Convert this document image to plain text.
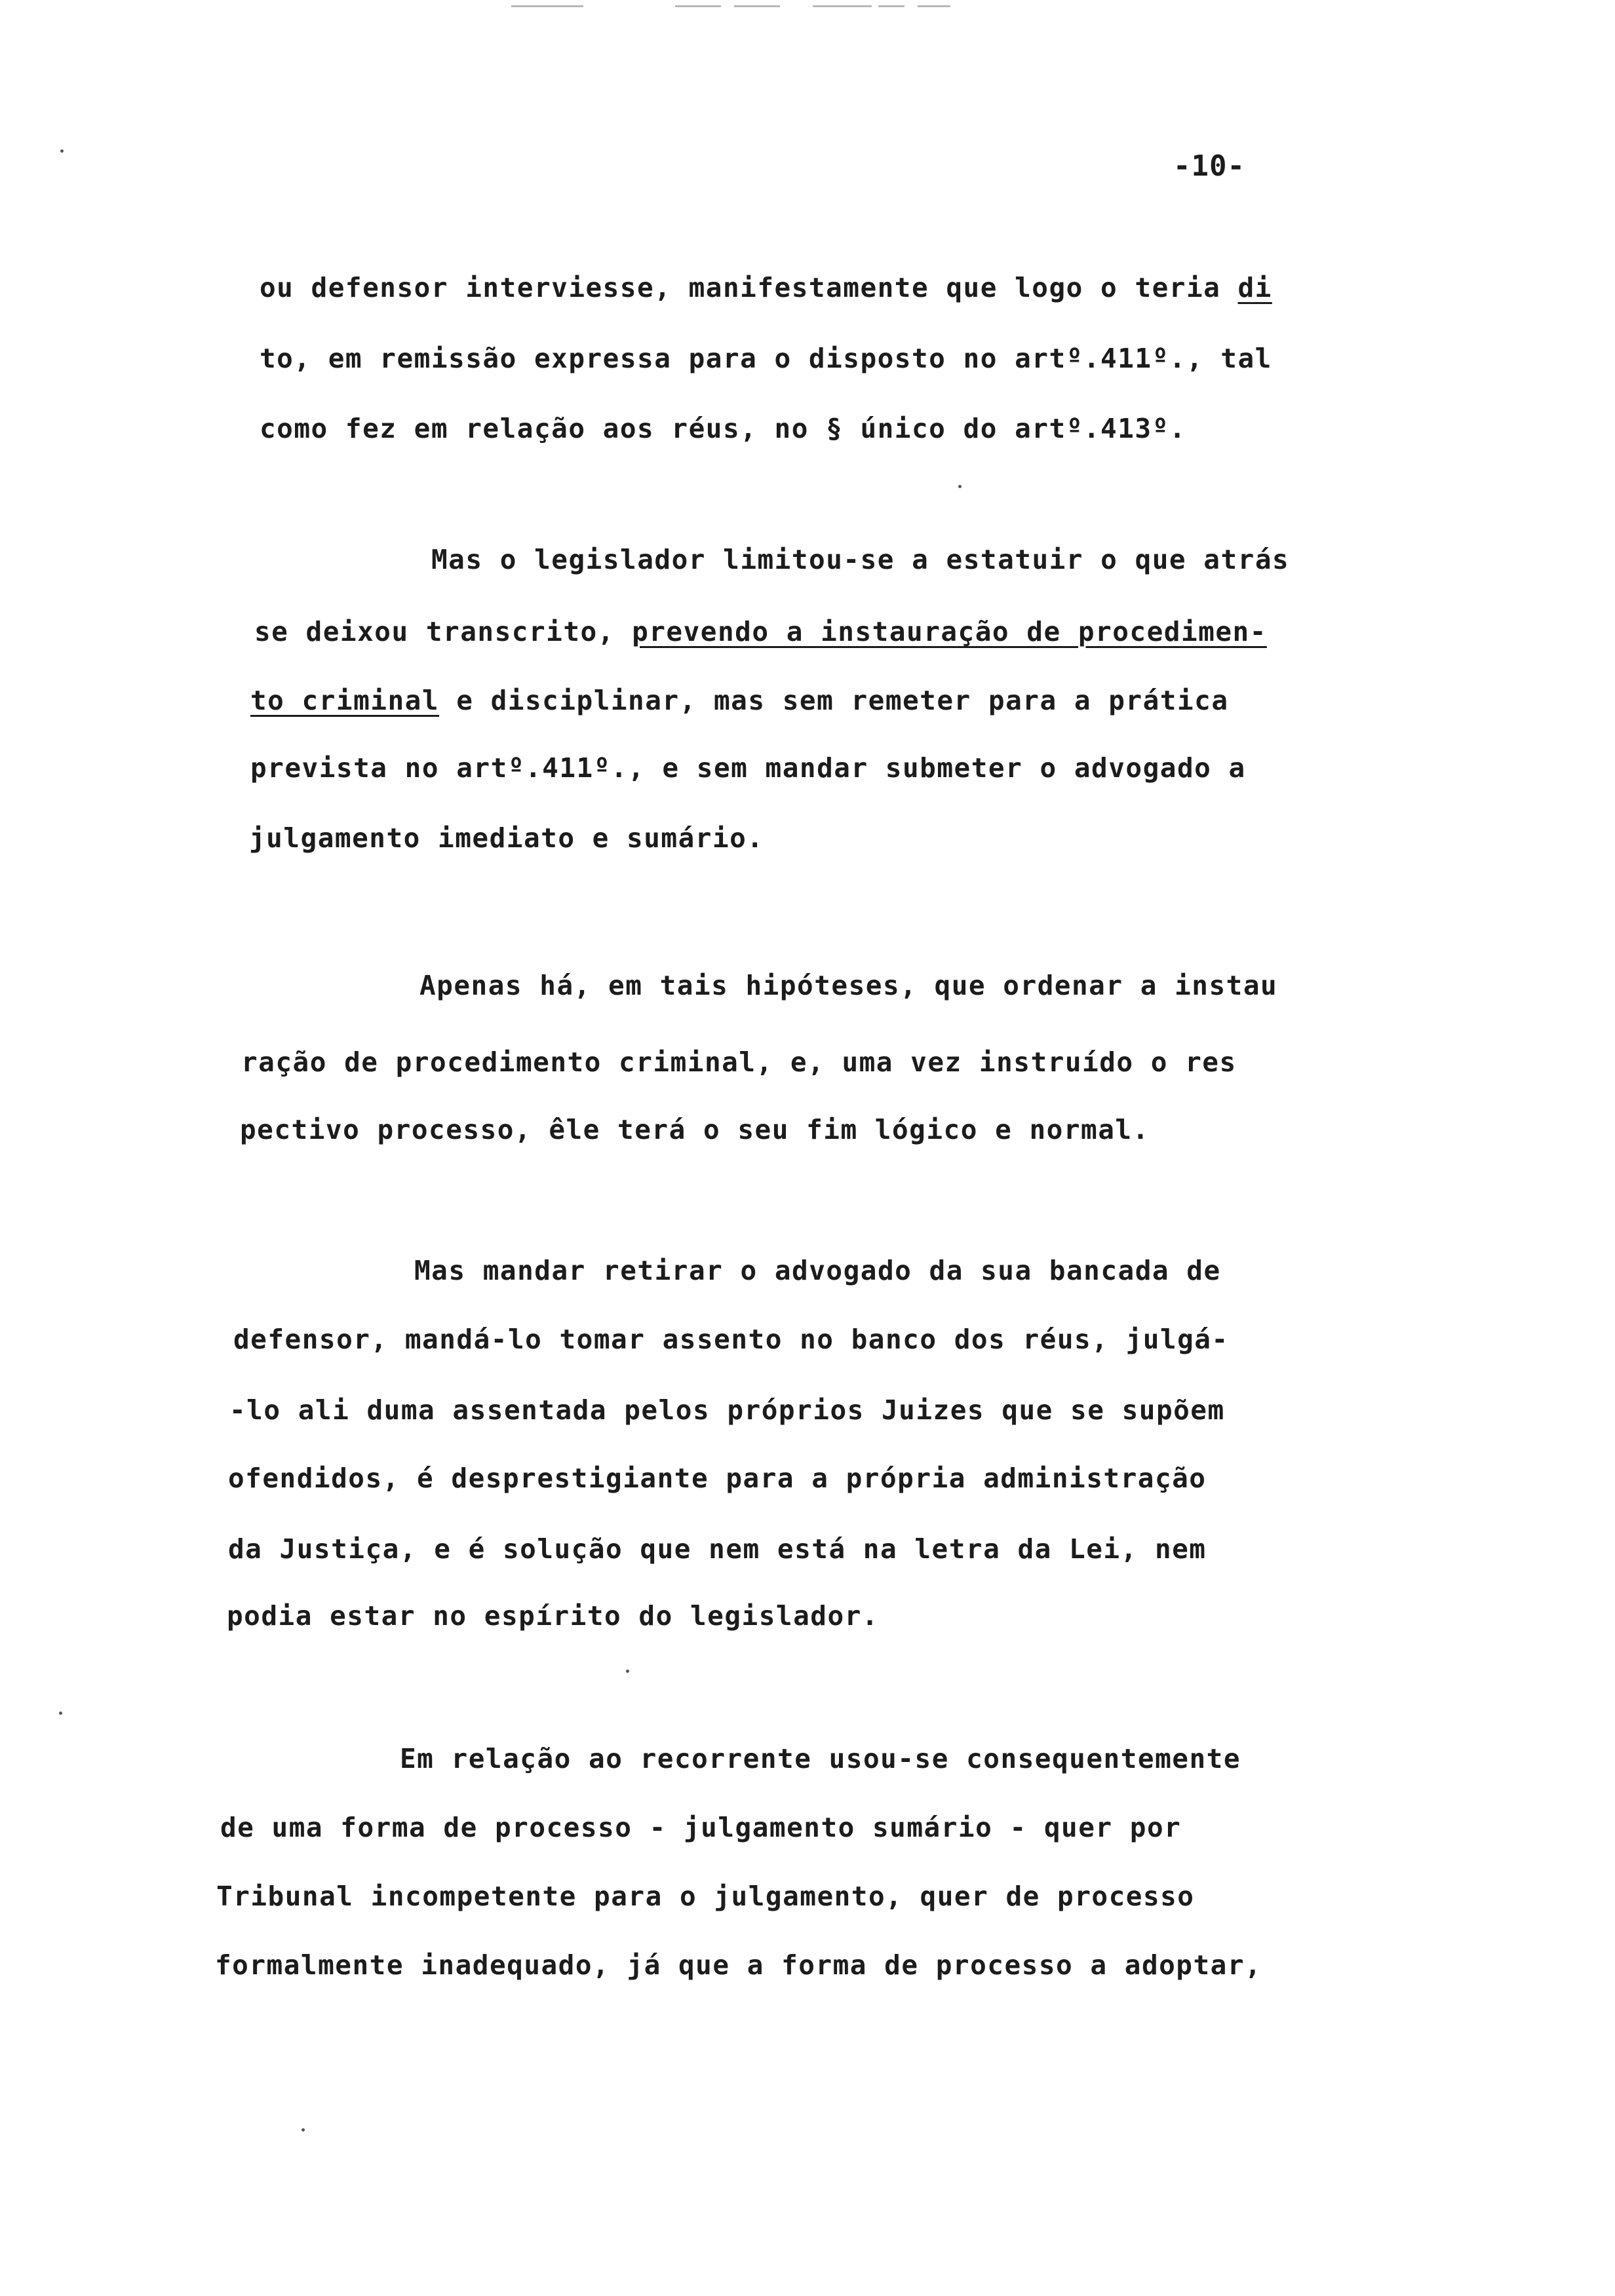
-10-
ou defensor interviesse, manifestamente que logo o teria di
to, em remissão expressa para o disposto no artº.411º., tal
como fez em relação aos réus, no § único do artº.413º.
Mas o legislador limitou-se a estatuir o que atrás
se deixou transcrito, prevendo a instauração de procedimen-
to criminal e disciplinar, mas sem remeter para a prática
prevista no artº.411º., e sem mandar submeter o advogado a
julgamento imediato e sumário.
Apenas há, em tais hipóteses, que ordenar a instau
ração de procedimento criminal, e, uma vez instruído o res
pectivo processo, êle terá o seu fim lógico e normal.
Mas mandar retirar o advogado da sua bancada de
defensor, mandá-lo tomar assento no banco dos réus, julgá-
-lo ali duma assentada pelos próprios Juizes que se supõem
ofendidos, é desprestigiante para a própria administração
da Justiça, e é solução que nem está na letra da Lei, nem
podia estar no espírito do legislador.
Em relação ao recorrente usou-se consequentemente
de uma forma de processo - julgamento sumário - quer por
Tribunal incompetente para o julgamento, quer de processo
formalmente inadequado, já que a forma de processo a adoptar,
